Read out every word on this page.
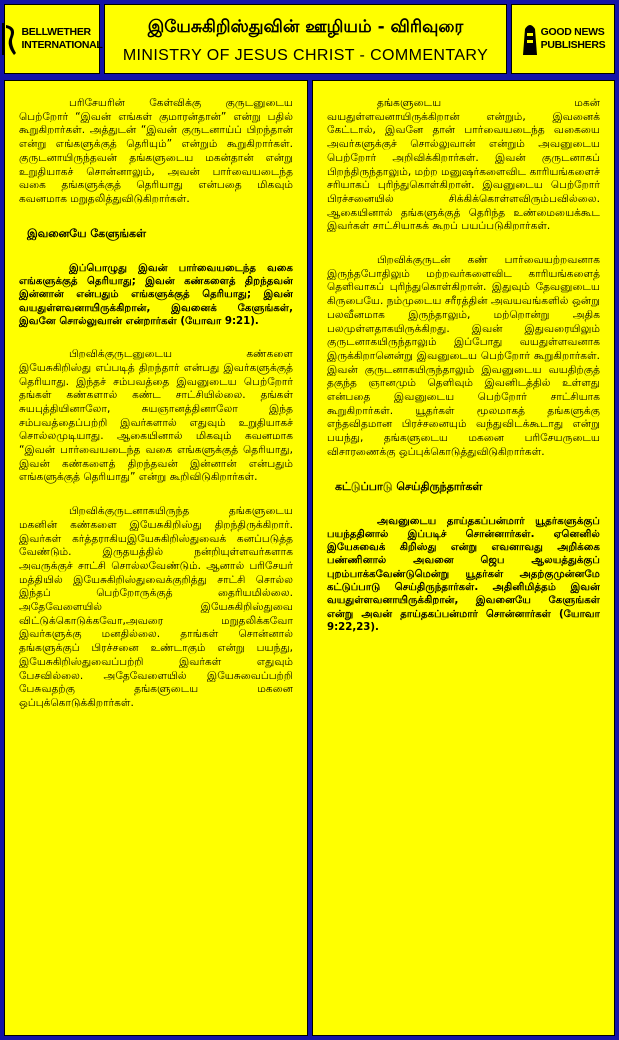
BELLWETHER
INTERNATIONAL
இயேசுகிறிஸ்துவின் ஊழியம் - விரிவுரை
MINISTRY OF JESUS CHRIST - COMMENTARY
GOOD NEWS
PUBLISHERS

பரிசேயரின் கேள்விக்கு குருடனுடைய பெற்றோர் “இவன் எங்கள் குமாரன்தான்” என்று பதில் கூறுகிறார்கள். அத்துடன் “இவன் குருடனாய்ப் பிறந்தான் என்று எங்களுக்குத் தெரியும்” என்றும் கூறுகிறார்கள். குருடனாயிருந்தவன் தங்களுடைய மகன்தான் என்று உறுதியாகச் சொன்னாலும், அவன் பார்வையடைந்த வகை தங்களுக்குத் தெரியாது என்பதை மிகவும் கவனமாக மறுதலித்துவிடுகிறார்கள்.

இவனையே கேளுங்கள்

இப்பொழுது இவன் பார்வையடைந்த வகை எங்களுக்குத் தெரியாது; இவன் கண்களைத் திறந்தவன் இன்னான் என்பதும் எங்களுக்குத் தெரியாது; இவன் வயதுள்ளவனாயிருக்கிறான், இவனைக் கேளுங்கள், இவனே சொல்லுவான் என்றார்கள் (யோவா 9:21).

பிறவிக்குருடனுடைய கண்களை இயேசுகிறிஸ்து எப்படித் திறந்தார் என்பது இவர்களுக்குத் தெரியாது. இந்தச் சம்பவத்தை இவனுடைய பெற்றோர் தங்கள் கண்களால் கண்ட சாட்சியில்லை. தங்கள் சுயபுத்தியினாலோ, சுயஞானத்தினாலோ இந்த சம்பவத்தைப்பற்றி இவர்களால் எதுவும் உறுதியாகச் சொல்லமுடியாது. ஆகையினால் மிகவும் கவனமாக “இவன் பார்வையடைந்த வகை எங்களுக்குத் தெரியாது, இவன் கண்களைத் திறந்தவன் இன்னான் என்பதும் எங்களுக்குத் தெரியாது” என்று கூறிவிடுகிறார்கள்.

பிறவிக்குருடனாகயிருந்த தங்களுடைய மகனின் கண்களை இயேசுகிறிஸ்து திறந்திருக்கிறார். இவர்கள் கர்த்தராகியஇயேசுகிறிஸ்துவைக் கனப்படுத்த வேண்டும். இருதயத்தில் நன்றியுள்ளவர்களாக அவருக்குச் சாட்சி சொல்லவேண்டும். ஆனால் பரிசேயர் மத்தியில் இயேசுகிறிஸ்துவைக்குறித்து சாட்சி சொல்ல இந்தப் பெற்றோருக்குத் தைரியமில்லை. அதேவேளையில் இயேசுகிறிஸ்துவை விட்டுக்கொடுக்கவோ,அவரை மறுதலிக்கவோ இவர்களுக்கு மனதில்லை. தாங்கள் சொன்னால் தங்களுக்குப் பிரச்சனை உண்டாகும் என்று பயந்து, இயேசுகிறிஸ்துவைப்பற்றி இவர்கள் எதுவும் பேசவில்லை. அதேவேளையில் இயேசுவைப்பற்றி பேசுவதற்கு தங்களுடைய மகனை ஒப்புக்கொடுக்கிறார்கள்.

தங்களுடைய மகன் வயதுள்ளவனாயிருக்கிறான் என்றும், இவனைக் கேட்டால், இவனே தான் பார்வையடைந்த வகையை அவர்களுக்குச் சொல்லுவான் என்றும் அவனுடைய பெற்றோர் அறிவிக்கிறார்கள். இவன் குருடனாகப் பிறந்திருந்தாலும், மற்ற மனுஷர்களைவிட காரியங்களைச் சரியாகப் புரிந்துகொள்கிறான். இவனுடைய பெற்றோர் பிரச்சனையில் சிக்கிக்கொள்ளவிரும்பவில்லை. ஆகையினால் தங்களுக்குத் தெரிந்த உண்மையைக்கூட இவர்கள் சாட்சியாகக் கூறப் பயப்படுகிறார்கள்.

பிறவிக்குருடன் கண் பார்வையற்றவனாக இருந்தபோதிலும் மற்றவர்களைவிட காரியங்களைத் தெளிவாகப் புரிந்துகொள்கிறான். இதுவும் தேவனுடைய கிருபையே. நம்முடைய சரீரத்தின் அவயவங்களில் ஒன்று பலவீனமாக இருந்தாலும், மற்றொன்று அதிக பலமுள்ளதாகயிருக்கிறது. இவன் இதுவரையிலும் குருடனாகயிருந்தாலும் இப்போது வயதுள்ளவனாக இருக்கிறானென்று இவனுடைய பெற்றோர் கூறுகிறார்கள். இவன் குருடனாகயிருந்தாலும் இவனுடைய வயதிற்குத் தகுந்த ஞானமும் தெளிவும் இவனிடத்தில் உள்ளது என்பதை இவனுடைய பெற்றோர் சாட்சியாக கூறுகிறார்கள். யூதர்கள் மூலமாகத் தங்களுக்கு எந்தவிதமான பிரச்சனையும் வந்துவிடக்கூடாது என்று பயந்து, தங்களுடைய மகனை பரிசேயருடைய விசாரணைக்கு ஒப்புக்கொடுத்துவிடுகிறார்கள்.

கட்டுப்பாடு செய்திருந்தார்கள்

அவனுடைய தாய்தகப்பன்மார் யூதர்களுக்குப் பயந்ததினால் இப்படிச் சொன்னார்கள். ஏனெனில் இயேசுவைக் கிறிஸ்து என்று எவனாவது அறிக்கை பண்ணினால் அவனை ஜெப ஆலயத்துக்குப் புறம்பாக்கவேண்டுமென்று யூதர்கள் அதற்குமுன்னமே கட்டுப்பாடு செய்திருந்தார்கள். அதினிமித்தம் இவன் வயதுள்ளவனாயிருக்கிறான், இவனையே கேளுங்கள் என்று அவன் தாய்தகப்பன்மார் சொன்னார்கள் (யோவா 9:22,23).
